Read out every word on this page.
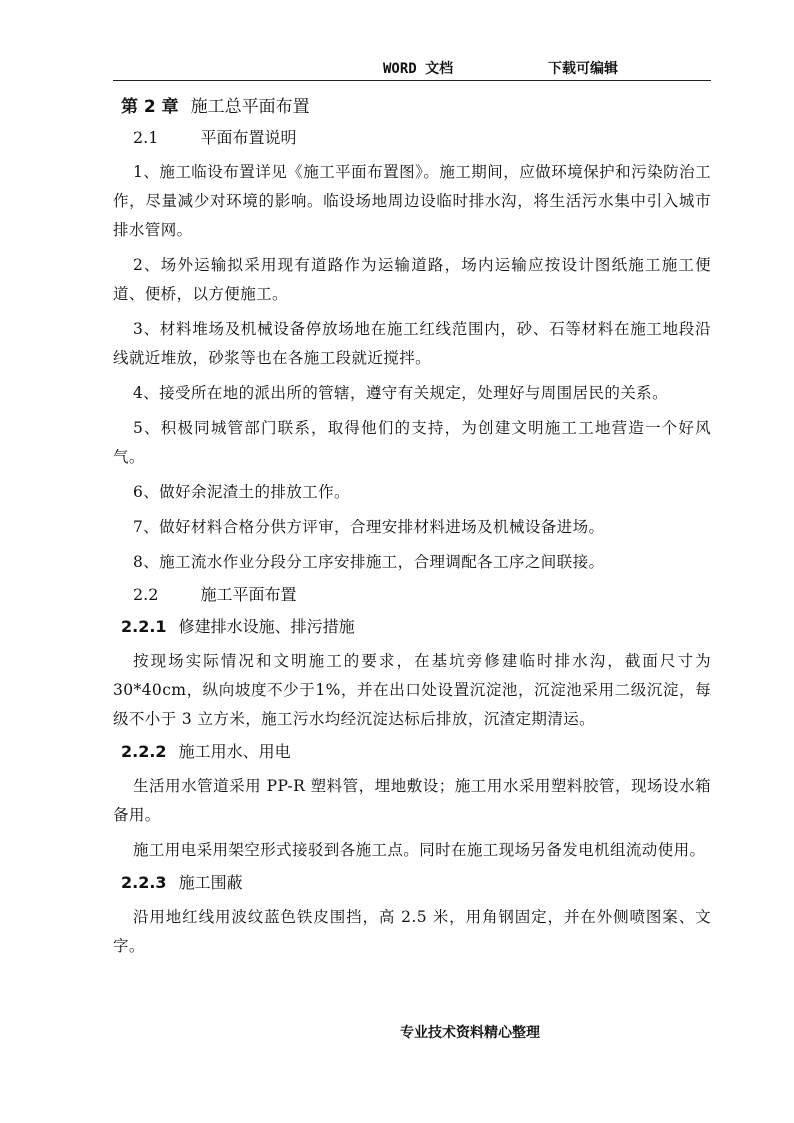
WORD 文档	下载可编辑
第 2 章 施工总平面布置
2.1	平面布置说明

1、施工临设布置详见《施工平面布置图》。施工期间，应做环境保护和污染防治工作，尽量减少对环境的影响。临设场地周边设临时排水沟，将生活污水集中引入城市排水管网。

2、场外运输拟采用现有道路作为运输道路，场内运输应按设计图纸施工施工便道、便桥，以方便施工。

3、材料堆场及机械设备停放场地在施工红线范围内，砂、石等材料在施工地段沿线就近堆放，砂浆等也在各施工段就近搅拌。

4、接受所在地的派出所的管辖，遵守有关规定，处理好与周围居民的关系。

5、积极同城管部门联系，取得他们的支持，为创建文明施工工地营造一个好风气。

6、做好余泥渣土的排放工作。

7、做好材料合格分供方评审，合理安排材料进场及机械设备进场。

8、施工流水作业分段分工序安排施工，合理调配各工序之间联接。

2.2	施工平面布置
2.2.1 修建排水设施、排污措施

按现场实际情况和文明施工的要求，在基坑旁修建临时排水沟，截面尺寸为30*40cm，纵向坡度不少于1%，并在出口处设置沉淀池，沉淀池采用二级沉淀，每级不小于 3 立方米，施工污水均经沉淀达标后排放，沉渣定期清运。

2.2.2 施工用水、用电

生活用水管道采用 PP-R 塑料管，埋地敷设；施工用水采用塑料胶管，现场设水箱备用。

施工用电采用架空形式接驳到各施工点。同时在施工现场另备发电机组流动使用。

2.2.3 施工围蔽

沿用地红线用波纹蓝色铁皮围挡，高 2.5 米，用角钢固定，并在外侧喷图案、文字。

专业技术资料精心整理
